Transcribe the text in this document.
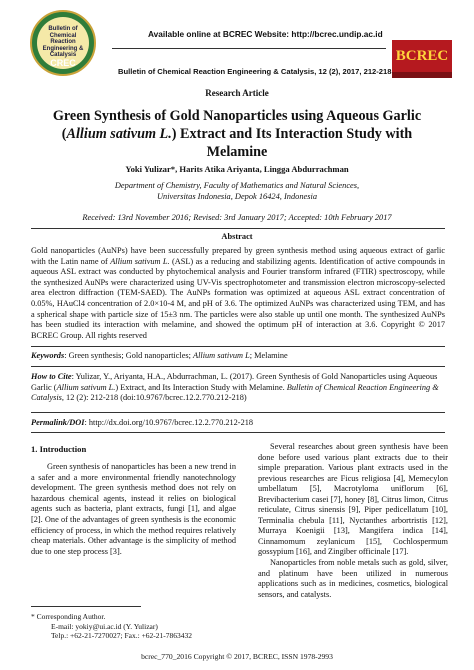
Bulletin of Chemical Reaction Engineering & Catalysis
CREC
Available online at BCREC Website: http://bcrec.undip.ac.id
Bulletin of Chemical Reaction Engineering & Catalysis, 12 (2), 2017, 212-218
BCREC
Research Article
Green Synthesis of Gold Nanoparticles using Aqueous Garlic (Allium sativum L.) Extract and Its Interaction Study with Melamine
Yoki Yulizar*, Harits Atika Ariyanta, Lingga Abdurrachman
Department of Chemistry, Faculty of Mathematics and Natural Sciences,
Universitas Indonesia, Depok 16424, Indonesia
Received: 13rd November 2016; Revised: 3rd January 2017; Accepted: 10th February 2017
Abstract
Gold nanoparticles (AuNPs) have been successfully prepared by green synthesis method using aqueous extract of garlic with the Latin name of Allium sativum L. (ASL) as a reducing and stabilizing agents. Identification of active compounds in aqueous ASL extract was conducted by phytochemical analysis and Fourier transform infrared (FTIR) spectroscopy, while the synthesized AuNPs were characterized using UV-Vis spectrophotometer and transmission electron microscopy-selected area electron diffraction (TEM-SAED). The AuNPs formation was optimized at aqueous ASL extract concentration of 0.05%, HAuCl4 concentration of 2.0×10-4 M, and pH of 3.6. The optimized AuNPs was characterized using TEM, and has a spherical shape with particle size of 15±3 nm. The particles were also stable up until one month. The synthesized AuNPs has been studied its interaction with melamine, and showed the optimum pH of interaction at 3.6. Copyright © 2017 BCREC Group. All rights reserved
Keywords: Green synthesis; Gold nanoparticles; Allium sativum L; Melamine
How to Cite: Yulizar, Y., Ariyanta, H.A., Abdurrachman, L. (2017). Green Synthesis of Gold Nanoparticles using Aqueous Garlic (Allium sativum L.) Extract, and Its Interaction Study with Melamine. Bulletin of Chemical Reaction Engineering & Catalysis, 12 (2): 212-218 (doi:10.9767/bcrec.12.2.770.212-218)
Permalink/DOI: http://dx.doi.org/10.9767/bcrec.12.2.770.212-218
1. Introduction
Green synthesis of nanoparticles has been a new trend in a safer and a more environmental friendly nanotechnology development. The green synthesis method does not rely on hazardous chemical agents, instead it relies on biological agents such as bacteria, plant extracts, fungi [1], and algae [2]. One of the advantages of green synthesis is the economic efficiency of process, in which the method requires relatively cheap materials. Other advantage is the simplicity of method due to one step process [3].

Several researches about green synthesis have been done before used various plant extracts due to their simple preparation. Various plant extracts used in the previous researches are Ficus religiosa [4], Memecylon umbellatum [5], Macrotyloma uniflorum [6], Brevibacterium casei [7], honey [8], Citrus limon, Citrus reticulate, Citrus sinensis [9], Piper pedicellatum [10], Terminalia chebula [11], Nyctanthes arbortristis [12], Murraya Koenigii [13], Mangifera indica [14], Cinnamomum zeylanicum [15], Cochlospermum gossypium [16], and Zingiber officinale [17].

Nanoparticles from noble metals such as gold, silver, and platinum have been utilized in numerous applications such as in medicines, cosmetics, biological sensors, and catalysts.

* Corresponding Author.
E-mail: yokiy@ui.ac.id (Y. Yulizar)
Telp.: +62-21-7270027; Fax.: +62-21-7863432
bcrec_770_2016 Copyright © 2017, BCREC, ISSN 1978-2993
